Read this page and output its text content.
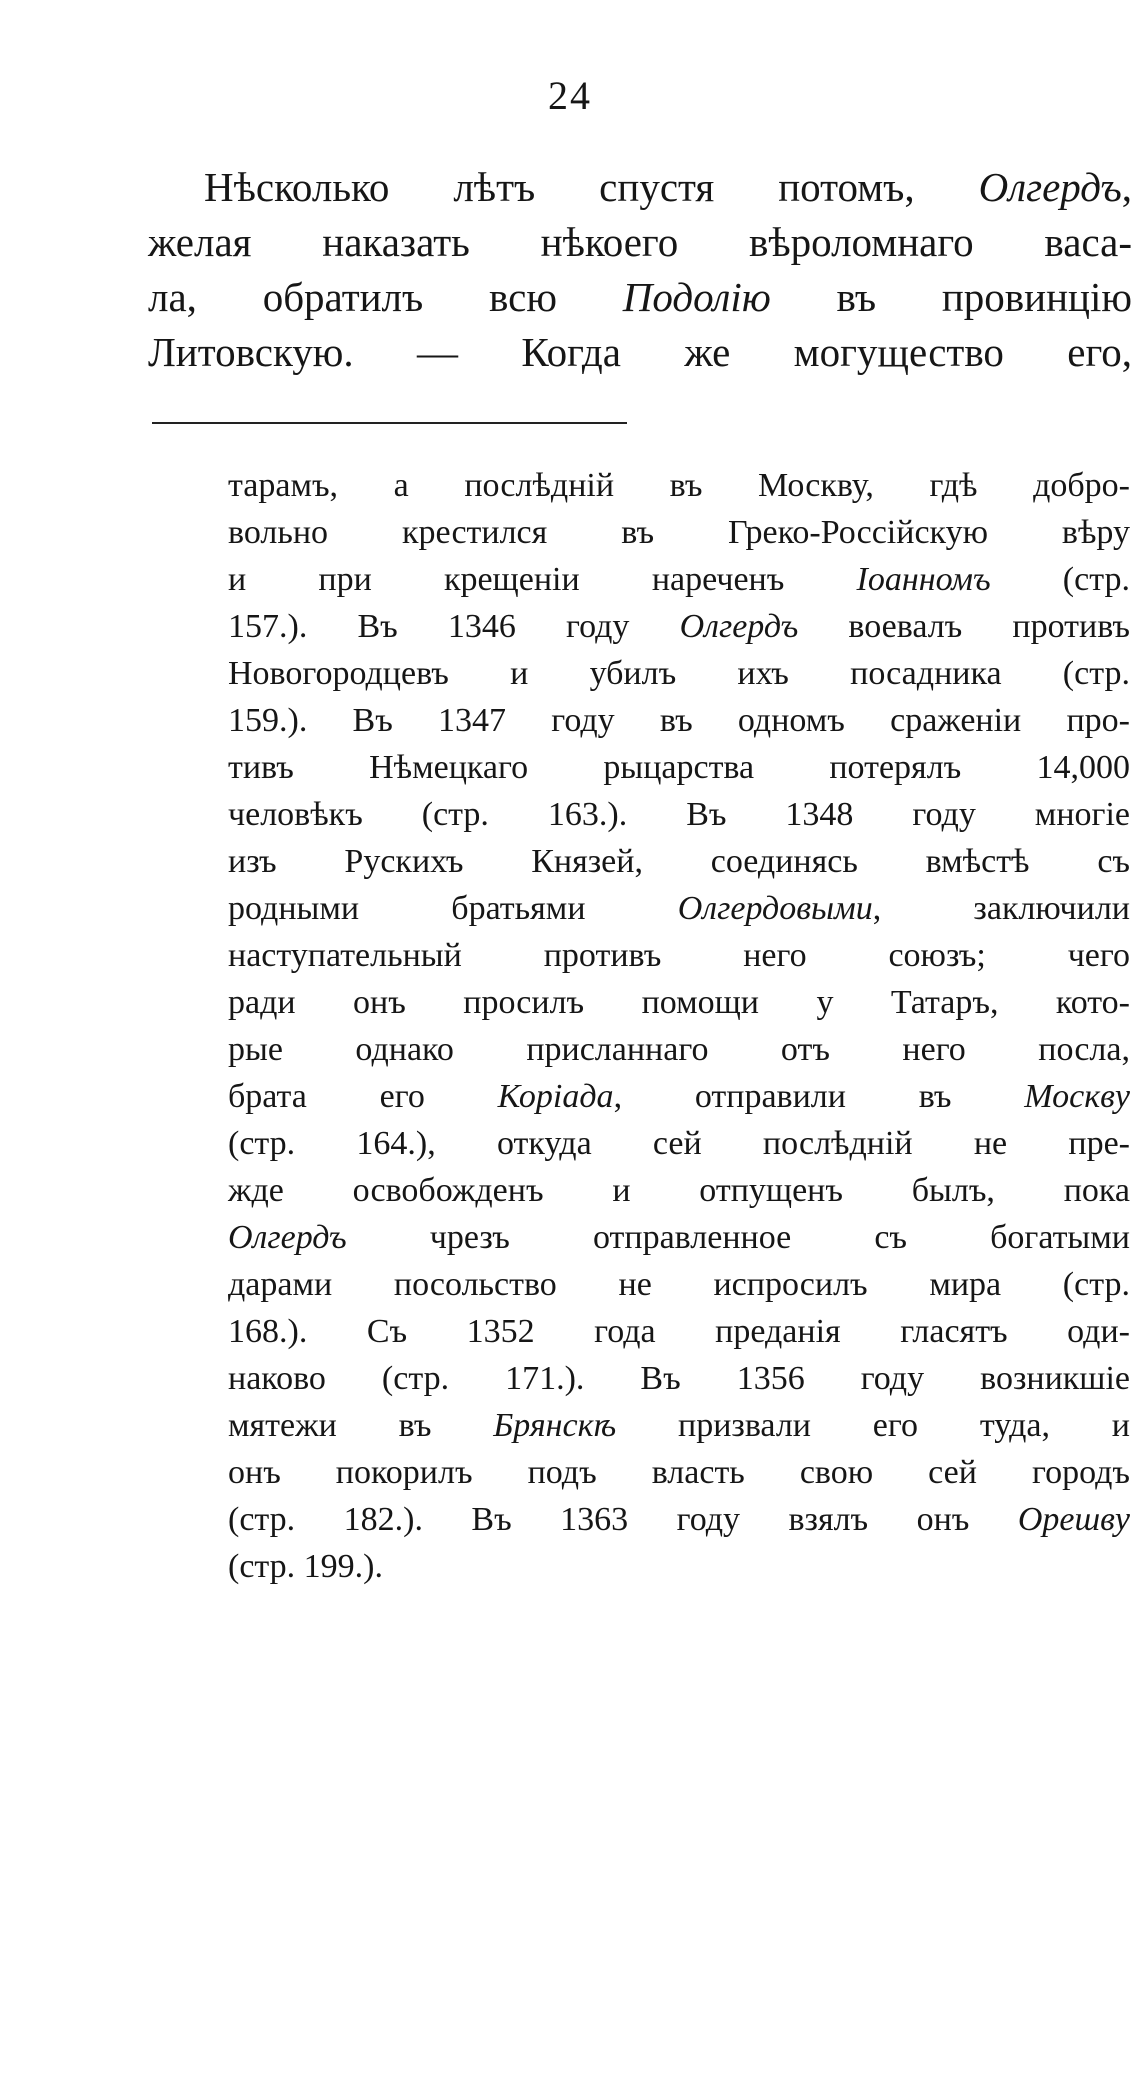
24
Нѣсколько лѣтъ спустя потомъ, Олгердъ,
желая наказать нѣкоего вѣроломнаго васа-
ла, обратилъ всю Подолію въ провинцію
Литовскую. — Когда же могущество его,
тарамъ, а послѣдній въ Москву, гдѣ добро-
вольно крестился въ Греко-Россійскую вѣру
и при крещеніи нареченъ Іоанномъ (стр.
157.). Въ 1346 году Олгердъ воевалъ противъ
Новогородцевъ и убилъ ихъ посадника (стр.
159.). Въ 1347 году въ одномъ сраженіи про-
тивъ Нѣмецкаго рыцарства потерялъ 14,000
человѣкъ (стр. 163.). Въ 1348 году многіе
изъ Рускихъ Князей, соединясь вмѣстѣ съ
родными братьями Олгердовыми, заключили
наступательный противъ него союзъ; чего
ради онъ просилъ помощи у Татаръ, кото-
рые однако присланнаго отъ него посла,
брата его Коріада, отправили въ Москву
(стр. 164.), откуда сей послѣдній не пре-
жде освобожденъ и отпущенъ былъ, пока
Олгердъ чрезъ отправленное съ богатыми
дарами посольство не испросилъ мира (стр.
168.). Съ 1352 года преданія гласятъ оди-
наково (стр. 171.). Въ 1356 году возникшіе
мятежи въ Брянскѣ призвали его туда, и
онъ покорилъ подъ власть свою сей городъ
(стр. 182.). Въ 1363 году взялъ онъ Орешву
(стр. 199.).
